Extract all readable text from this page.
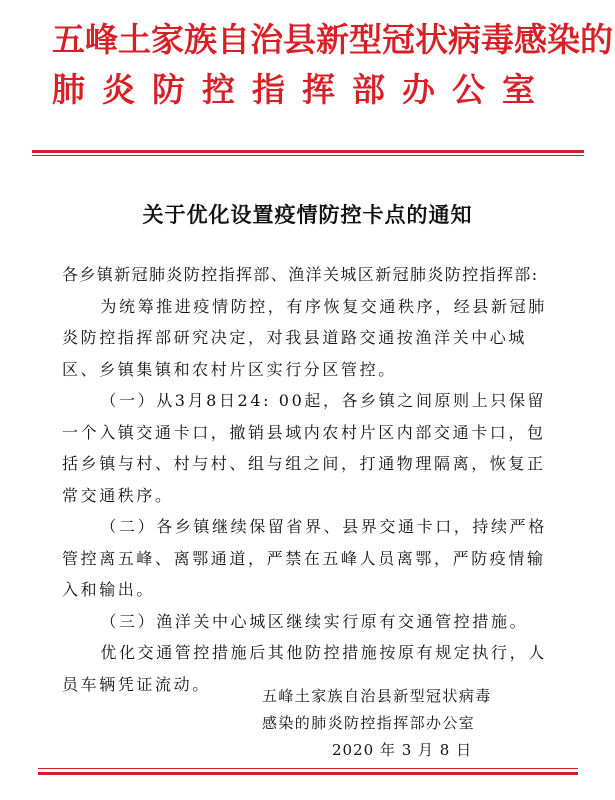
五峰土家族自治县新型冠状病毒感染的
肺炎防控指挥部办公室
关于优化设置疫情防控卡点的通知

各乡镇新冠肺炎防控指挥部、渔洋关城区新冠肺炎防控指挥部:

为统筹推进疫情防控，有序恢复交通秩序，经县新冠肺炎防控指挥部研究决定，对我县道路交通按渔洋关中心城区、乡镇集镇和农村片区实行分区管控。

（一）从3月8日24: 00起，各乡镇之间原则上只保留一个入镇交通卡口，撤销县域内农村片区内部交通卡口，包括乡镇与村、村与村、组与组之间，打通物理隔离，恢复正常交通秩序。

（二）各乡镇继续保留省界、县界交通卡口，持续严格管控离五峰、离鄂通道，严禁在五峰人员离鄂，严防疫情输入和输出。

（三）渔洋关中心城区继续实行原有交通管控措施。

优化交通管控措施后其他防控措施按原有规定执行，人员车辆凭证流动。

五峰土家族自治县新型冠状病毒
感染的肺炎防控指挥部办公室
2020 年 3 月 8 日
